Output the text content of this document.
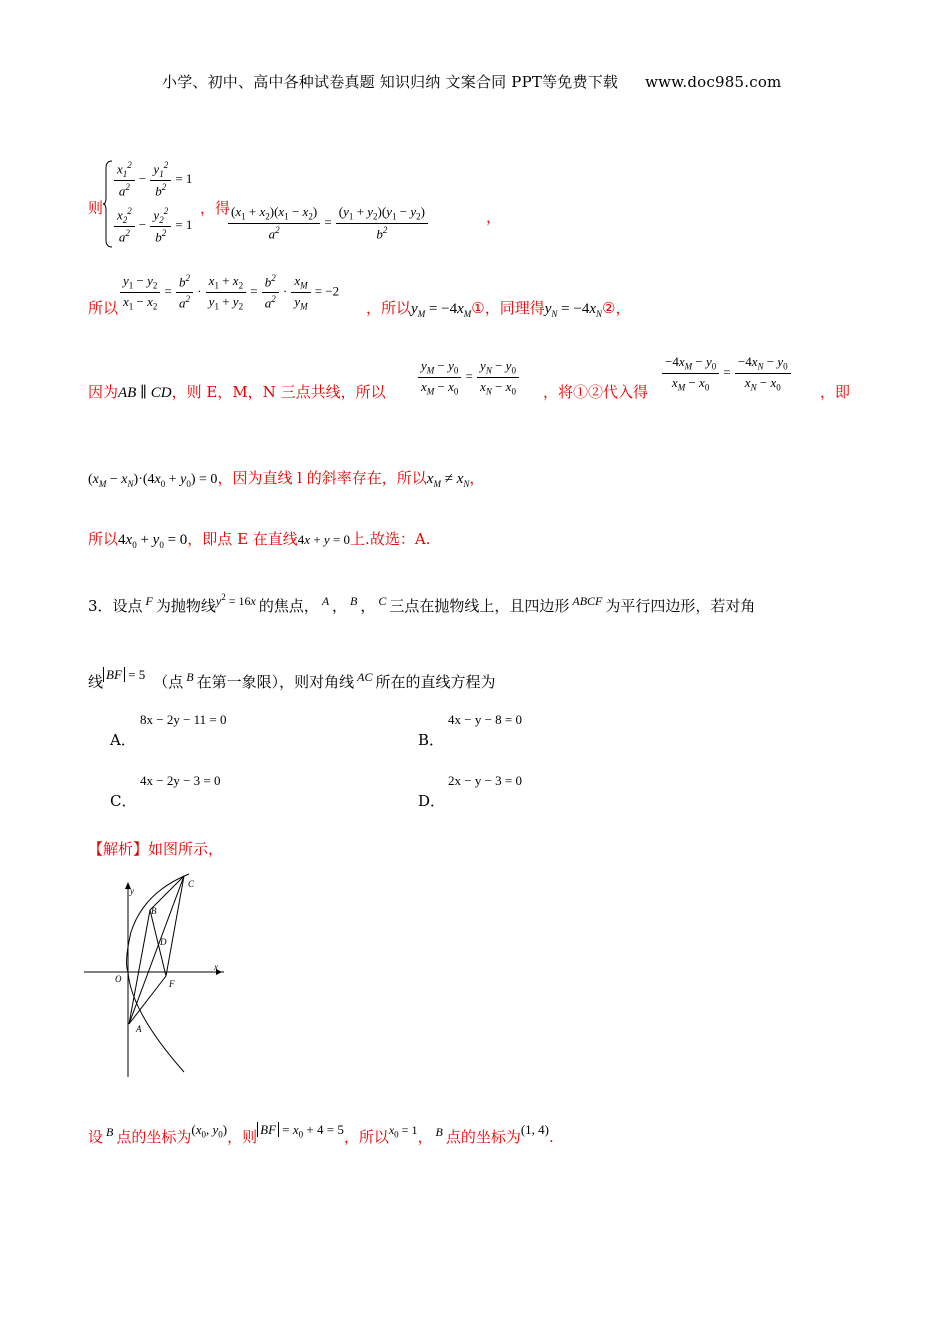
小学、初中、高中各种试卷真题 知识归纳 文案合同 PPT等免费下载 www.doc985.com
则
$\frac{x_1^2}{a^2} - \frac{y_1^2}{b^2} = 1$
$\frac{x_2^2}{a^2} - \frac{y_2^2}{b^2} = 1$
，得
$\frac{(x_1 + x_2)(x_1 - x_2)}{a^2} = \frac{(y_1 + y_2)(y_1 - y_2)}{b^2}$	，
所以 $\frac{y_1 - y_2}{x_1 - x_2} = \frac{b^2}{a^2} \cdot \frac{x_1 + x_2}{y_1 + y_2} = \frac{b^2}{a^2} \cdot \frac{x_M}{y_M} = -2$
，所以$y_M$ = $-4x_M①$，同理得$y_N$ = $-4x_N②$，
因为AB ∥ CD，则 E，M，N 三点共线，所以 $\frac{y_M - y_0}{x_M - x_0} = \frac{y_N - y_0}{x_N - x_0}$ ，将①②代入得 $\frac{-4x_M - y_0}{x_M - x_0} = \frac{-4x_N - y_0}{x_N - x_0}$ ，即
$(x_M - x_N)\cdot(4x_0 + y_0) = 0$，因为直线 l 的斜率存在，所以$x_M \ne x_N$，
所以$4x_0 + y_0 = 0$，即点 E 在直线4x + y = 0上.故选：A.
3．设点 $^F$ 为抛物线$^{y^2 = 16x}$ 的焦点， $^A$ ， $^B$ ， $^C$ 三点在抛物线上，且四边形 $^{ABCF}$ 为平行四边形，若对角
线 BF = 5 （点 $^B$ 在第一象限），则对角线 $^{AC}$ 所在的直线方程为
8x − 2y − 11 = 0
A．
4x − y − 8 = 0
B．
4x − 2y − 3 = 0
C．
2x − y − 3 = 0
D．
【解析】如图所示，
y
x
O
A
B
C
D
F
设 $^B$ 点的坐标为($x_0$, $y_0$)，则 BF = $x_0 + 4 = 5$，所以$^{x_0 = 1}$， $^B$ 点的坐标为(1, 4).
